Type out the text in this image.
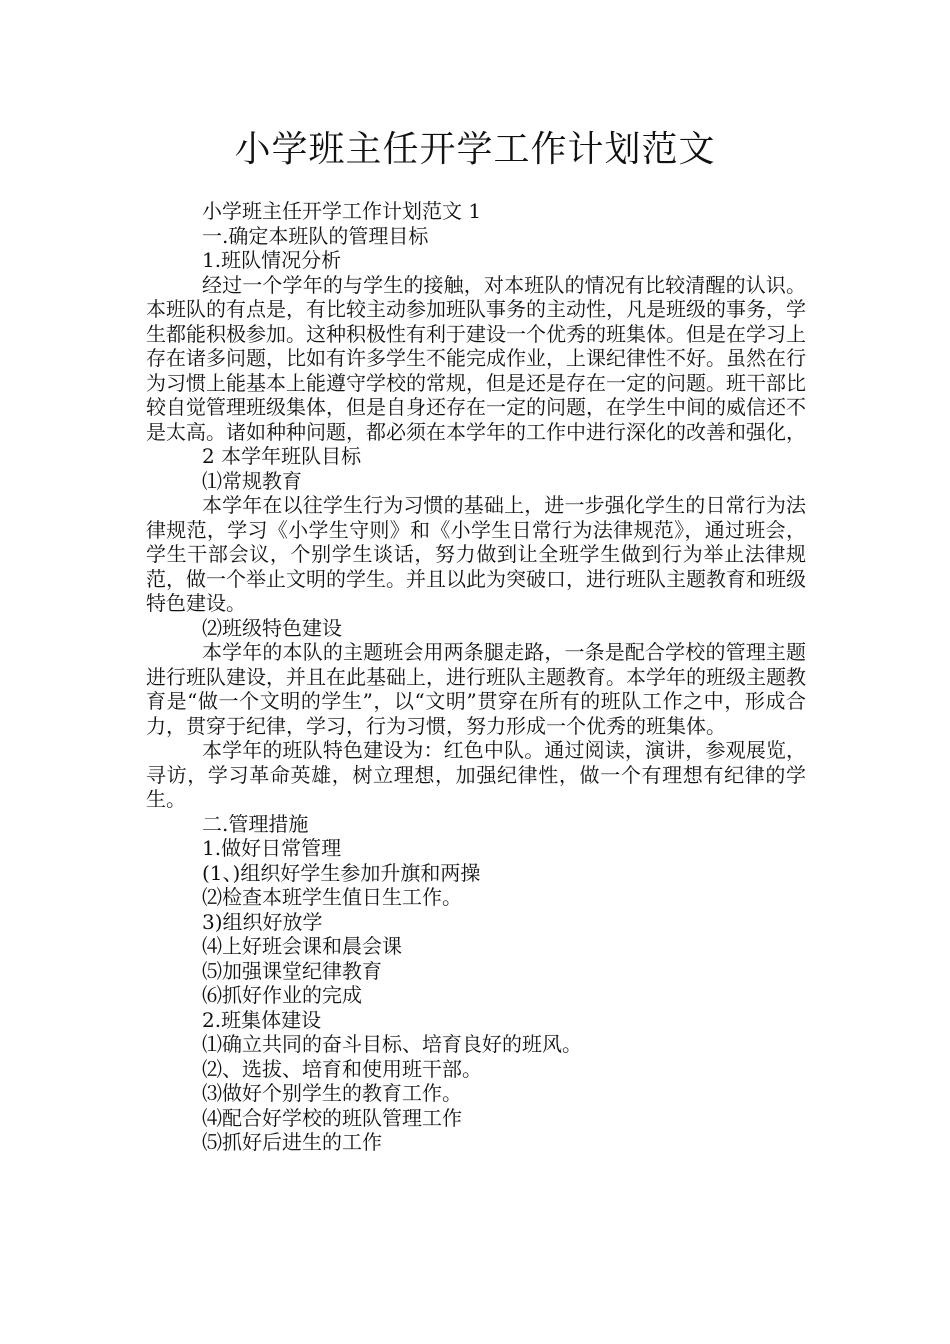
小学班主任开学工作计划范文

小学班主任开学工作计划范文 1

一.确定本班队的管理目标

1.班队情况分析

经过一个学年的与学生的接触，对本班队的情况有比较清醒的认识。本班队的有点是，有比较主动参加班队事务的主动性，凡是班级的事务，学生都能积极参加。这种积极性有利于建设一个优秀的班集体。但是在学习上存在诸多问题，比如有许多学生不能完成作业，上课纪律性不好。虽然在行为习惯上能基本上能遵守学校的常规，但是还是存在一定的问题。班干部比较自觉管理班级集体，但是自身还存在一定的问题，在学生中间的威信还不是太高。诸如种种问题，都必须在本学年的工作中进行深化的改善和强化，

2 本学年班队目标

⑴常规教育

本学年在以往学生行为习惯的基础上，进一步强化学生的日常行为法律规范，学习《小学生守则》和《小学生日常行为法律规范》，通过班会，学生干部会议，个别学生谈话，努力做到让全班学生做到行为举止法律规范，做一个举止文明的学生。并且以此为突破口，进行班队主题教育和班级特色建设。

⑵班级特色建设

本学年的本队的主题班会用两条腿走路，一条是配合学校的管理主题进行班队建设，并且在此基础上，进行班队主题教育。本学年的班级主题教育是“做一个文明的学生”，以“文明”贯穿在所有的班队工作之中，形成合力，贯穿于纪律，学习，行为习惯，努力形成一个优秀的班集体。

本学年的班队特色建设为：红色中队。通过阅读，演讲，参观展览，寻访，学习革命英雄，树立理想，加强纪律性，做一个有理想有纪律的学生。

二.管理措施

1.做好日常管理

(1、)组织好学生参加升旗和两操

⑵检查本班学生值日生工作。

3)组织好放学

⑷上好班会课和晨会课

⑸加强课堂纪律教育

⑹抓好作业的完成

2.班集体建设

⑴确立共同的奋斗目标、培育良好的班风。

⑵、选拔、培育和使用班干部。

⑶做好个别学生的教育工作。

⑷配合好学校的班队管理工作

⑸抓好后进生的工作
